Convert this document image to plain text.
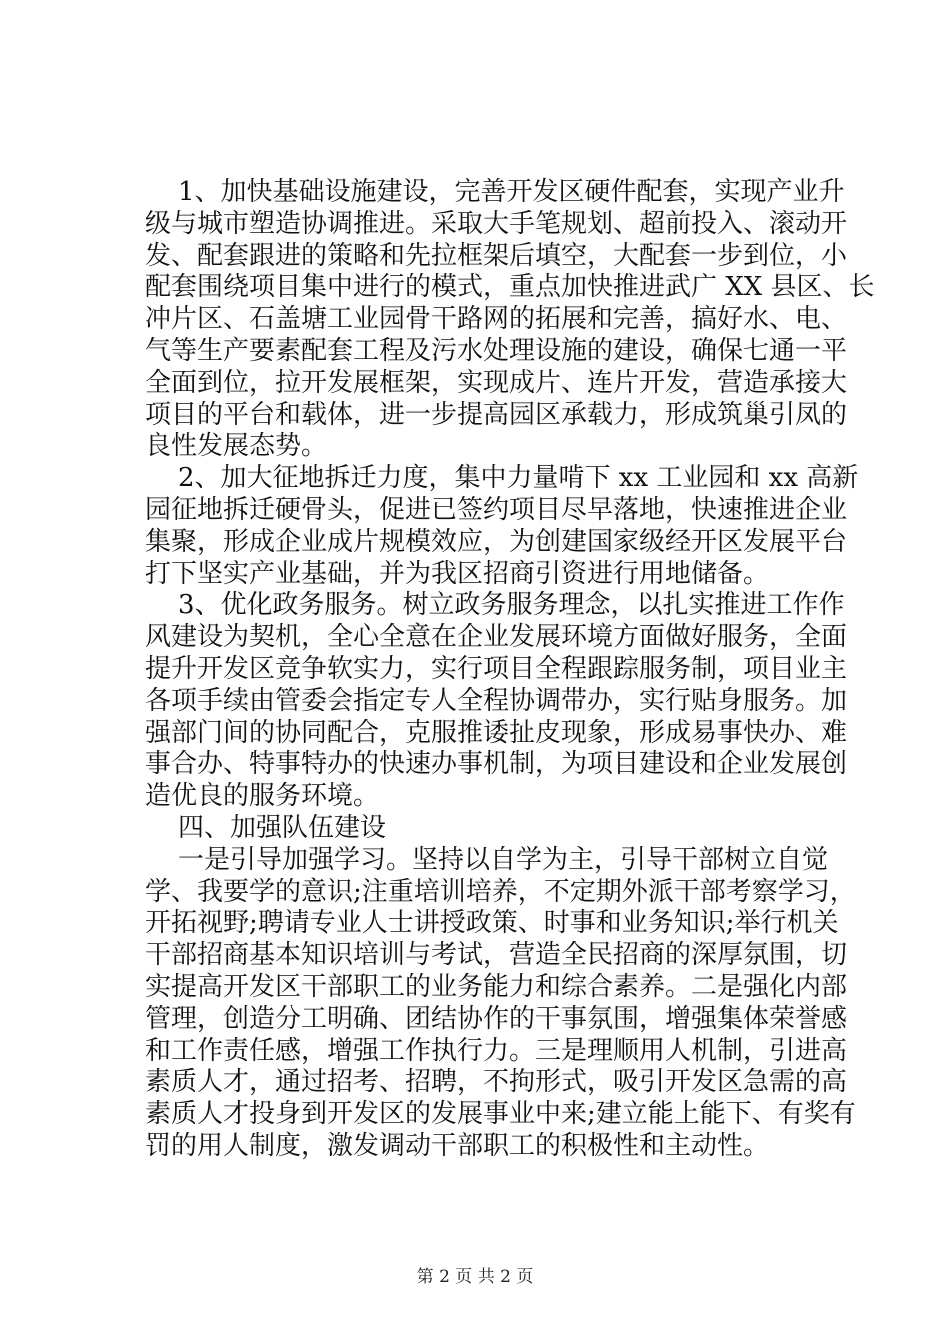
1、加快基础设施建设，完善开发区硬件配套，实现产业升
级与城市塑造协调推进。采取大手笔规划、超前投入、滚动开
发、配套跟进的策略和先拉框架后填空，大配套一步到位，小
配套围绕项目集中进行的模式，重点加快推进武广 XX 县区、长
冲片区、石盖塘工业园骨干路网的拓展和完善，搞好水、电、
气等生产要素配套工程及污水处理设施的建设，确保七通一平
全面到位，拉开发展框架，实现成片、连片开发，营造承接大
项目的平台和载体，进一步提高园区承载力，形成筑巢引凤的
良性发展态势。
2、加大征地拆迁力度，集中力量啃下 xx 工业园和 xx 高新
园征地拆迁硬骨头，促进已签约项目尽早落地，快速推进企业
集聚，形成企业成片规模效应，为创建国家级经开区发展平台
打下坚实产业基础，并为我区招商引资进行用地储备。
3、优化政务服务。树立政务服务理念，以扎实推进工作作
风建设为契机，全心全意在企业发展环境方面做好服务，全面
提升开发区竞争软实力，实行项目全程跟踪服务制，项目业主
各项手续由管委会指定专人全程协调带办，实行贴身服务。加
强部门间的协同配合，克服推诿扯皮现象，形成易事快办、难
事合办、特事特办的快速办事机制，为项目建设和企业发展创
造优良的服务环境。
四、加强队伍建设
一是引导加强学习。坚持以自学为主，引导干部树立自觉
学、我要学的意识;注重培训培养，不定期外派干部考察学习，
开拓视野;聘请专业人士讲授政策、时事和业务知识;举行机关
干部招商基本知识培训与考试，营造全民招商的深厚氛围，切
实提高开发区干部职工的业务能力和综合素养。二是强化内部
管理，创造分工明确、团结协作的干事氛围，增强集体荣誉感
和工作责任感，增强工作执行力。三是理顺用人机制，引进高
素质人才，通过招考、招聘，不拘形式，吸引开发区急需的高
素质人才投身到开发区的发展事业中来;建立能上能下、有奖有
罚的用人制度，激发调动干部职工的积极性和主动性。
第 2 页 共 2 页
